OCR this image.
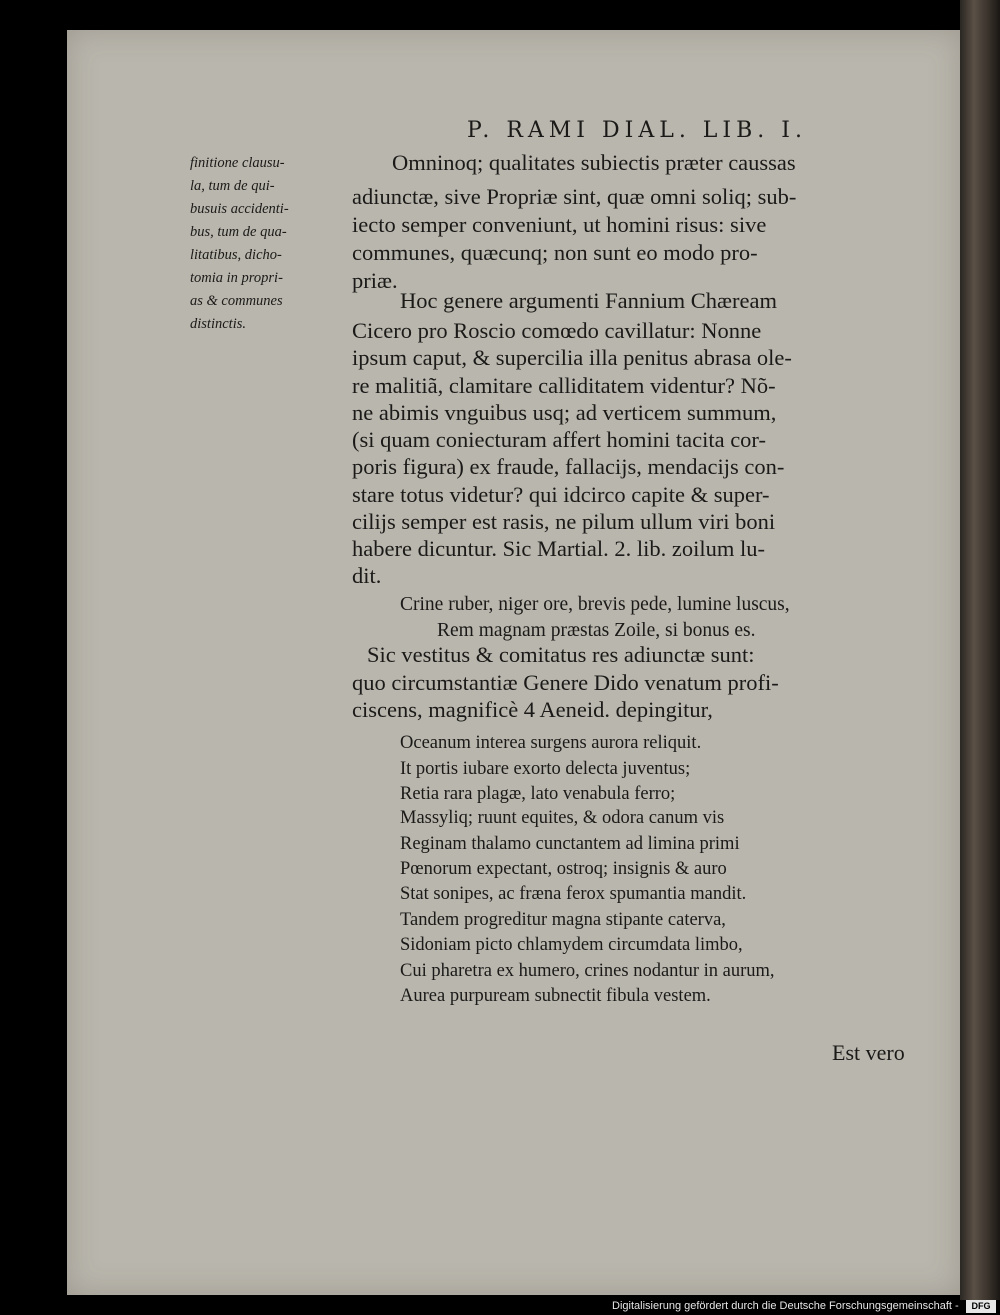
P. RAMI DIAL. LIB. I.
finitione clausu-
la, tum de qui-
busuis accidenti-
bus, tum de qua-
litatibus, dicho-
tomia in propri-
as & communes
distinctis.
Omninoq; qualitates subiectis præter caussas
adiunctæ, sive Propriæ sint, quæ omni soliq; sub-
iecto semper conveniunt, ut homini risus: sive
communes, quæcunq; non sunt eo modo pro-
priæ.
Hoc genere argumenti Fannium Chæream
Cicero pro Roscio comœdo cavillatur: Nonne
ipsum caput, & supercilia illa penitus abrasa ole-
re malitiã, clamitare calliditatem videntur? Nõ-
ne abimis vnguibus usq; ad verticem summum,
(si quam coniecturam affert homini tacita cor-
poris figura) ex fraude, fallacijs, mendacijs con-
stare totus videtur? qui idcirco capite & super-
cilijs semper est rasis, ne pilum ullum viri boni
habere dicuntur. Sic Martial. 2. lib. zoilum lu-
dit.
Crine ruber, niger ore, brevis pede, lumine luscus,
Rem magnam præstas Zoile, si bonus es.
Sic vestitus & comitatus res adiunctæ sunt:
quo circumstantiæ Genere Dido venatum profi-
ciscens, magnificè 4 Aeneid. depingitur,
Oceanum interea surgens aurora reliquit.
It portis iubare exorto delecta juventus;
Retia rara plagæ, lato venabula ferro;
Massyliq; ruunt equites, & odora canum vis
Reginam thalamo cunctantem ad limina primi
Pœnorum expectant, ostroq; insignis & auro
Stat sonipes, ac fræna ferox spumantia mandit.
Tandem progreditur magna stipante caterva,
Sidoniam picto chlamydem circumdata limbo,
Cui pharetra ex humero, crines nodantur in aurum,
Aurea purpuream subnectit fibula vestem.
Est vero
Digitalisierung gefördert durch die Deutsche Forschungsgemeinschaft -	DFG
